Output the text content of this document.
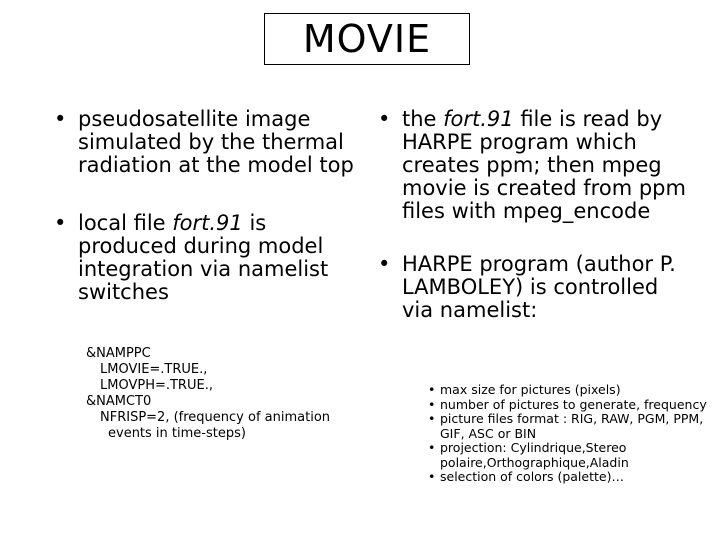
MOVIE
• pseudosatellite image simulated by the thermal radiation at the model top
• local file fort.91 is produced during model integration via namelist switches
&NAMPPC
LMOVIE=.TRUE.,
LMOVPH=.TRUE.,
&NAMCT0
NFRISP=2, (frequency of animation
events in time-steps)
• the fort.91 file is read by HARPE program which creates ppm; then mpeg movie is created from ppm files with mpeg_encode
• HARPE program (author P. LAMBOLEY) is controlled via namelist:
• max size for pictures (pixels)
• number of pictures to generate, frequency
• picture files format : RIG, RAW, PGM, PPM, GIF, ASC or BIN
• projection: Cylindrique,Stereo polaire,Orthographique,Aladin
• selection of colors (palette)…
